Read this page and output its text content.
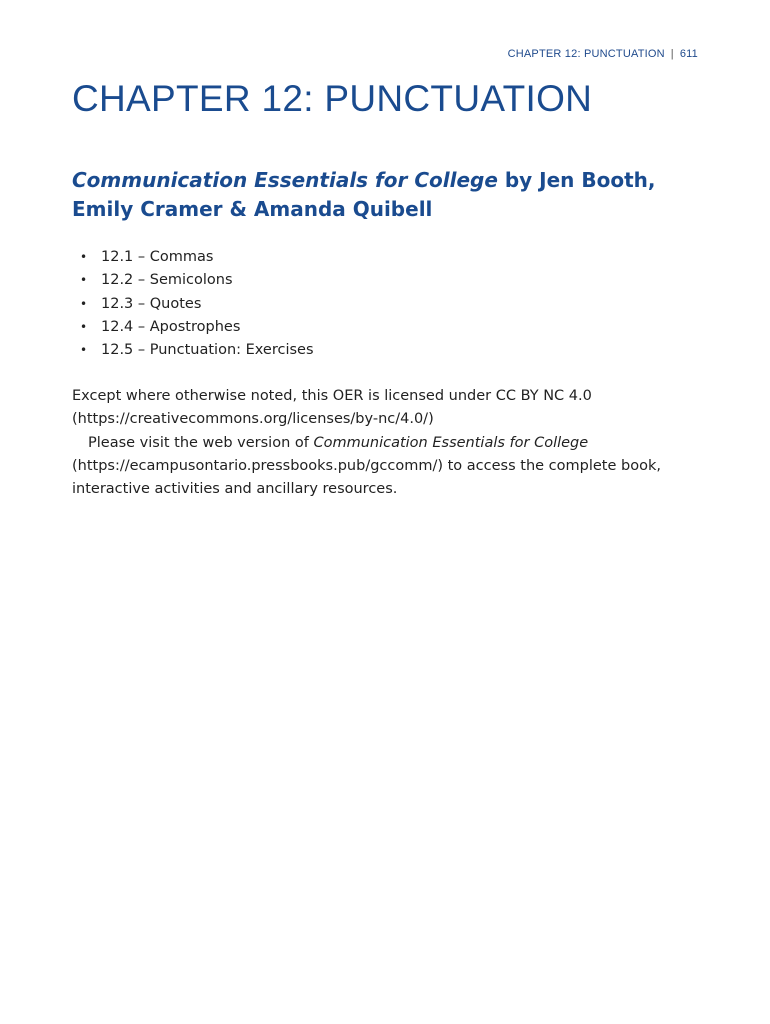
CHAPTER 12: PUNCTUATION | 611
CHAPTER 12: PUNCTUATION
Communication Essentials for College by Jen Booth, Emily Cramer & Amanda Quibell
• 12.1 – Commas
• 12.2 – Semicolons
• 12.3 – Quotes
• 12.4 – Apostrophes
• 12.5 – Punctuation: Exercises

Except where otherwise noted, this OER is licensed under CC BY NC 4.0

(https://creativecommons.org/licenses/by-nc/4.0/)

Please visit the web version of Communication Essentials for College

(https://ecampusontario.pressbooks.pub/gccomm/) to access the complete book,

interactive activities and ancillary resources.
